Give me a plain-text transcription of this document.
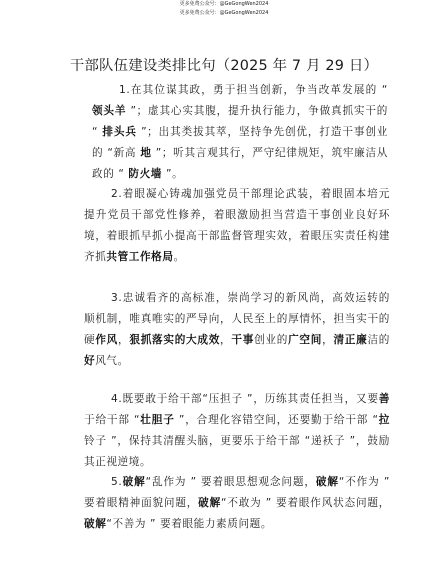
更多免费公众号：@GeGongWen2024
更多免费公众号：@GeGongWen2024
干部队伍建设类排比句（2025 年 7 月 29 日）
1.在其位谋其政，勇于担当创新，争当改革发展的 “ 领头羊 ”；虚其心实其腹，提升执行能力，争做真抓实干的 “ 排头兵 ”；出其类拔其萃，坚持争先创优，打造干事创业的 “新高 地 ”；听其言观其行，严守纪律规矩，筑牢廉洁从政的 “ 防火墙 ”。
2.着眼凝心铸魂加强党员干部理论武装，着眼固本培元提升党员干部党性修养，着眼激励担当营造干事创业良好环境，着眼抓早抓小提高干部监督管理实效，着眼压实责任构建齐抓共管工作格局。
3.忠诚看齐的高标准，崇尚学习的新风尚，高效运转的顺机制，唯真唯实的严导向，人民至上的厚情怀，担当实干的硬作风，狠抓落实的大成效，干事创业的广空间，清正廉洁的好风气。
4.既要敢于给干部“压担子 ”，历练其责任担当，又要善于给干部 “壮胆子 ”，合理化容错空间，还要勤于给干部 “拉 铃子 ”，保持其清醒头脑，更要乐于给干部 “递袄子 ”，鼓励 其正视逆境。
5.破解“乱作为 ” 要着眼思想观念问题，破解“不作为 ” 要着眼精神面貌问题，破解“不敢为 ” 要着眼作风状态问题， 破解“不善为 ” 要着眼能力素质问题。
